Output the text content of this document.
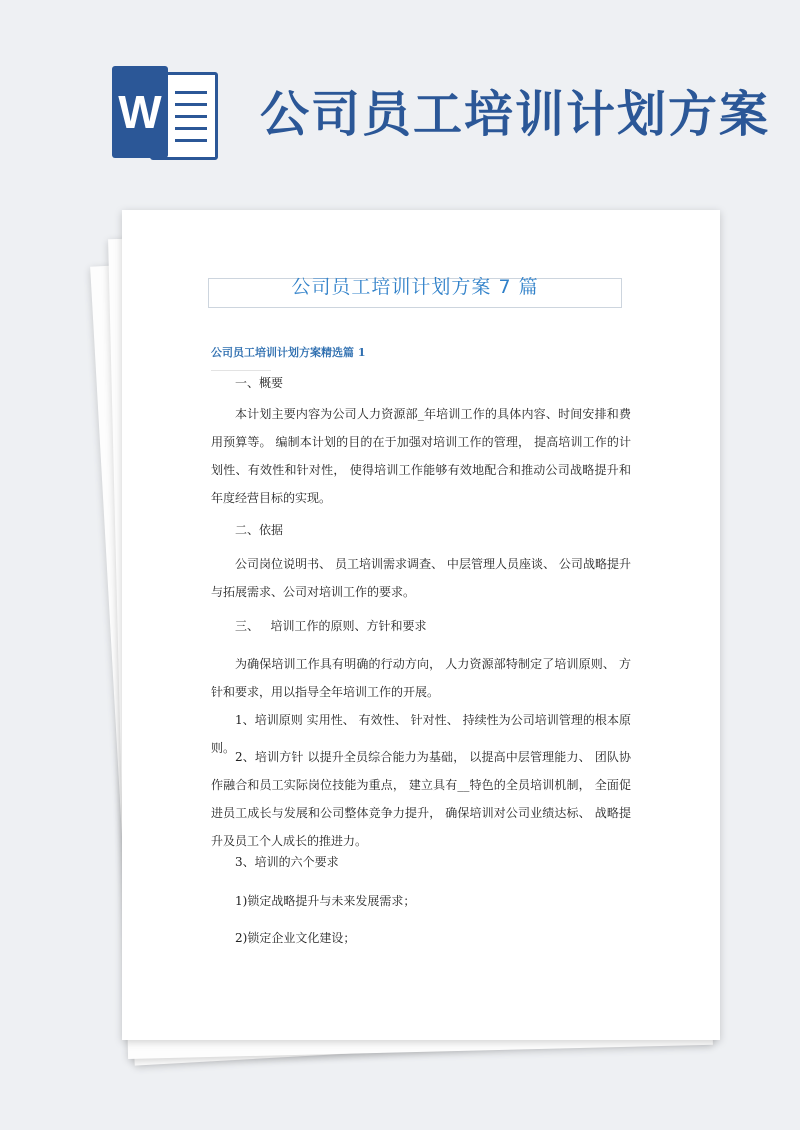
W 公司员工培训计划方案
公司员工培训计划方案 7 篇
公司员工培训计划方案精选篇 1
一、概要
本计划主要内容为公司人力资源部_年培训工作的具体内容、时间安排和费用预算等。 编制本计划的目的在于加强对培训工作的管理， 提高培训工作的计划性、有效性和针对性， 使得培训工作能够有效地配合和推动公司战略提升和年度经营目标的实现。
二、依据
公司岗位说明书、 员工培训需求调查、 中层管理人员座谈、 公司战略提升与拓展需求、公司对培训工作的要求。
三、   培训工作的原则、方针和要求
为确保培训工作具有明确的行动方向， 人力资源部特制定了培训原则、 方针和要求，用以指导全年培训工作的开展。
1、培训原则 实用性、 有效性、 针对性、 持续性为公司培训管理的根本原则。
2、培训方针 以提升全员综合能力为基础， 以提高中层管理能力、 团队协作融合和员工实际岗位技能为重点， 建立具有__特色的全员培训机制， 全面促进员工成长与发展和公司整体竞争力提升， 确保培训对公司业绩达标、 战略提升及员工个人成长的推进力。
3、培训的六个要求
1)锁定战略提升与未来发展需求；
2)锁定企业文化建设；
